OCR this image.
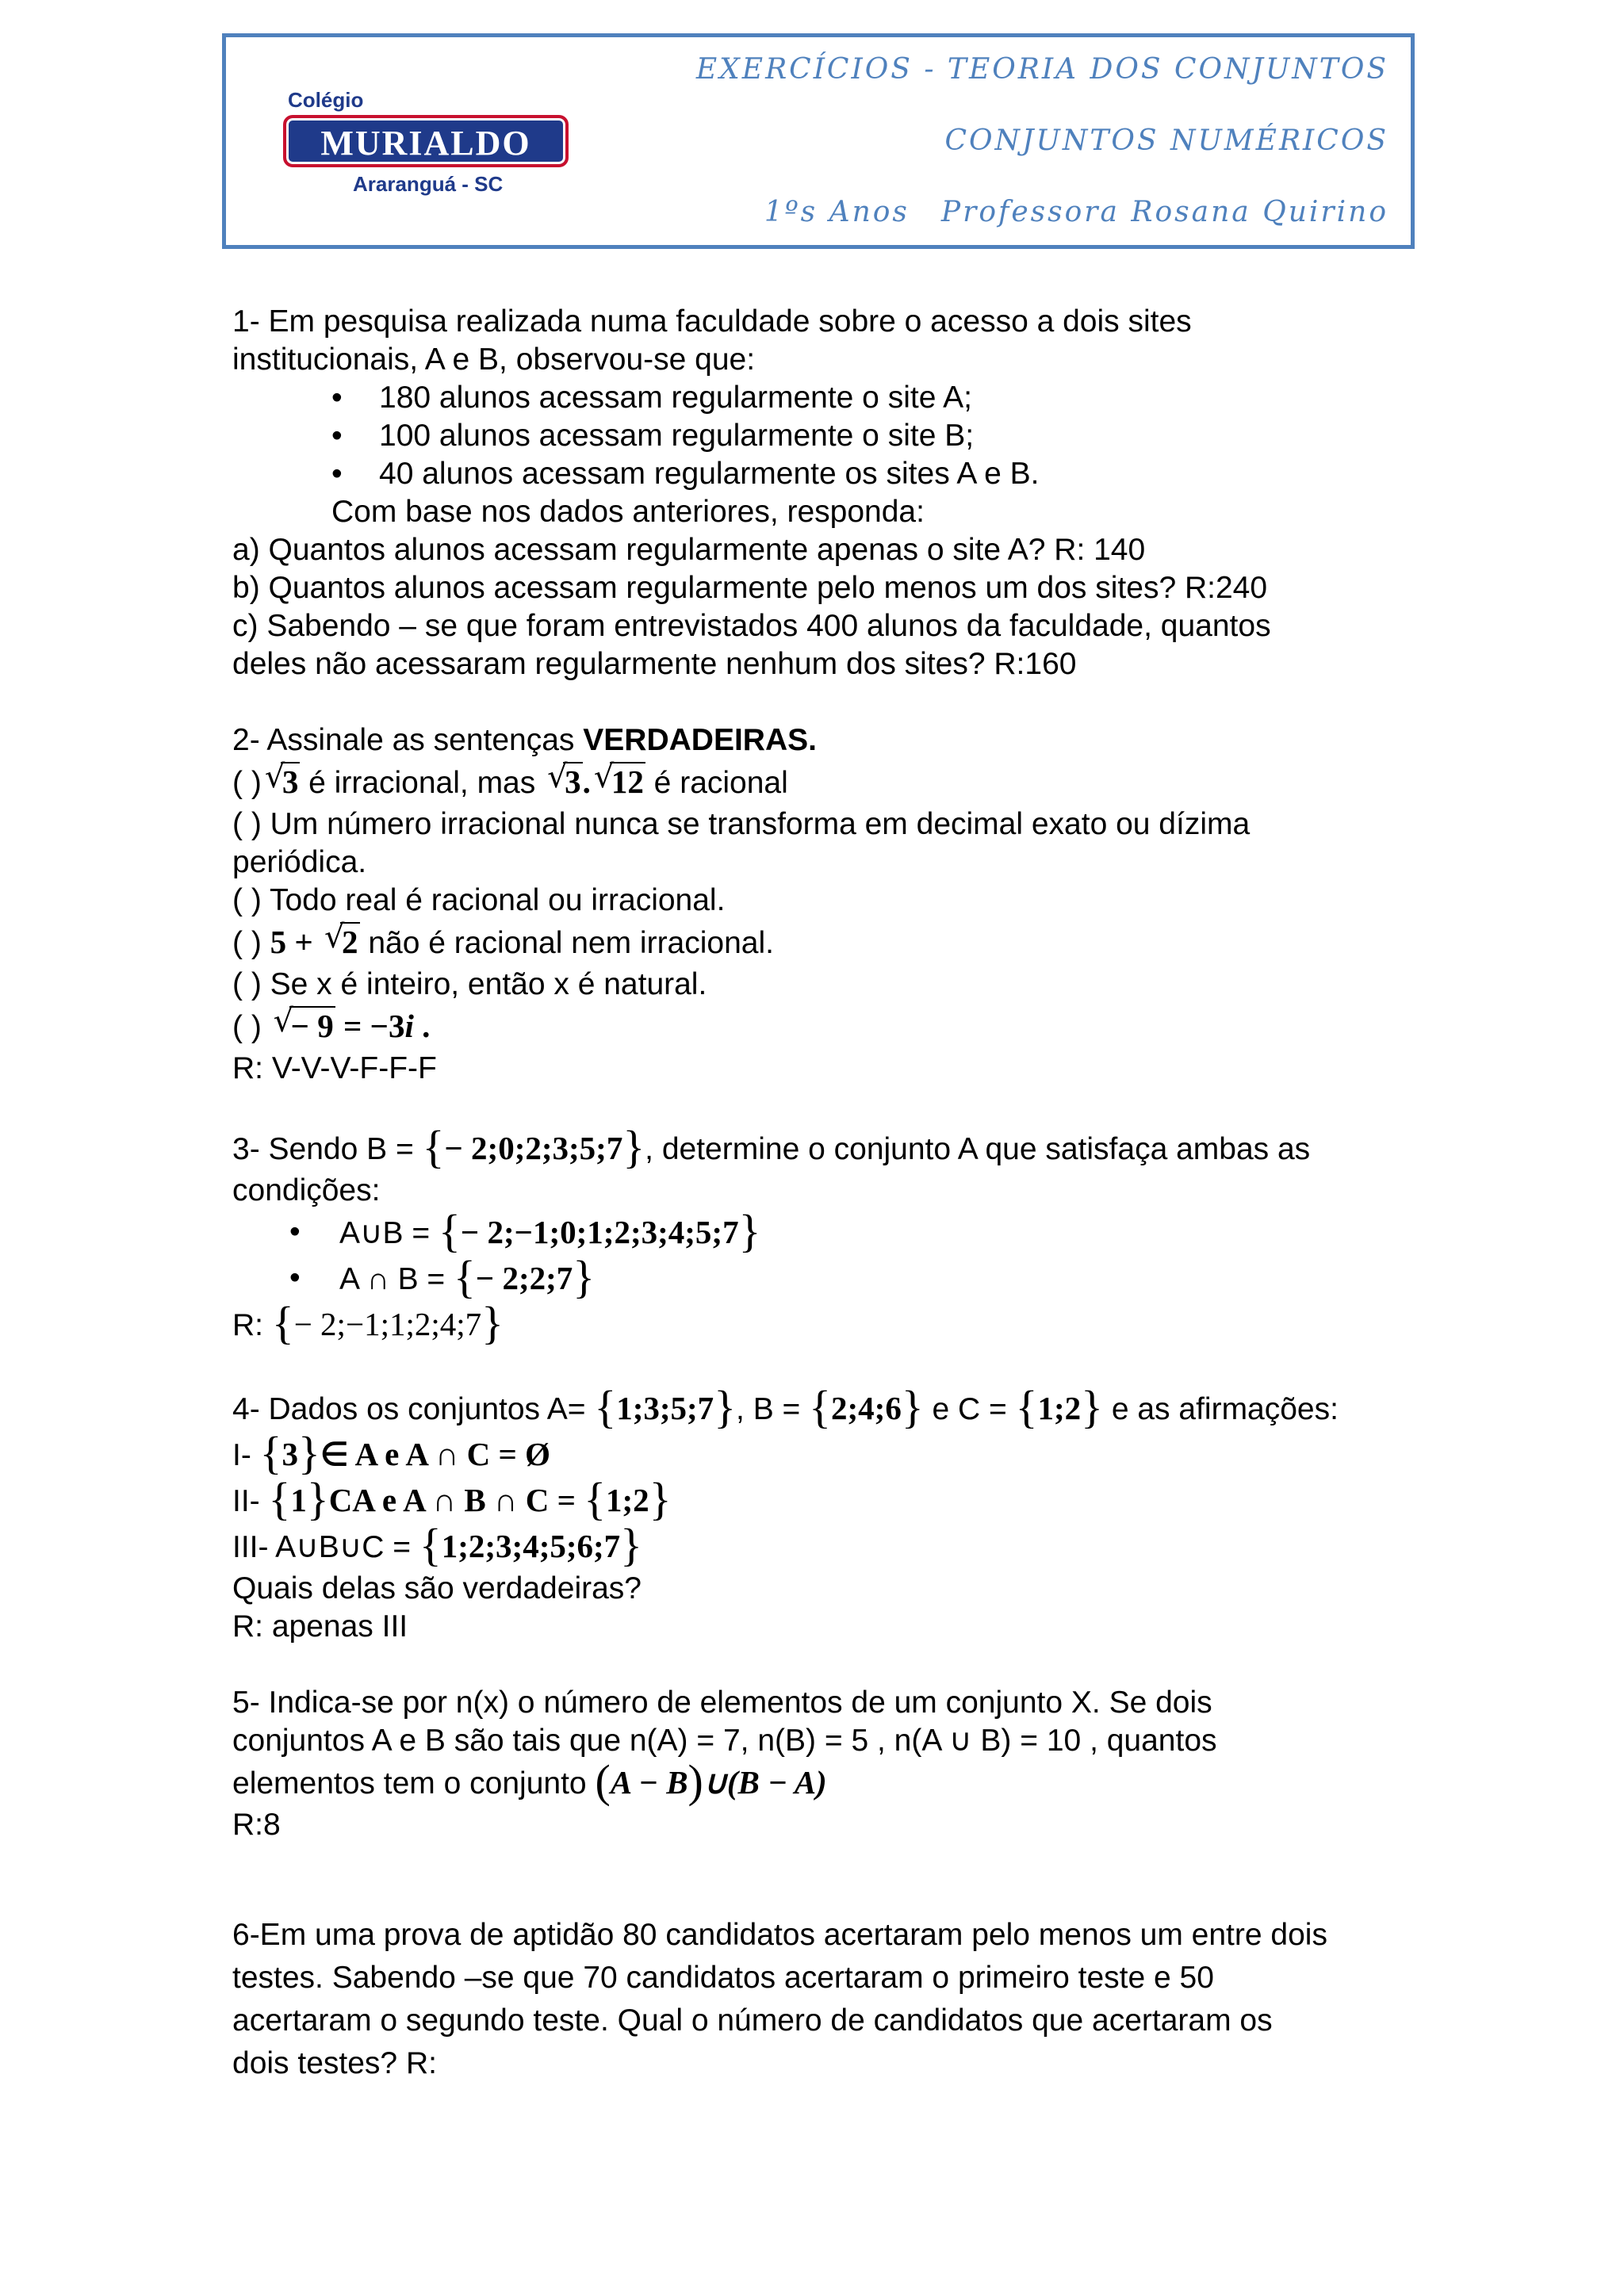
Colégio
MURIALDO
Araranguá - SC
EXERCÍCIOS - TEORIA DOS CONJUNTOS
CONJUNTOS NUMÉRICOS
1ºs Anos Professora Rosana Quirino

1- Em pesquisa realizada numa faculdade sobre o acesso a dois sites

institucionais, A e B, observou-se que:

• 180 alunos acessam regularmente o site A;

• 100 alunos acessam regularmente o site B;

• 40 alunos acessam regularmente os sites A e B.

Com base nos dados anteriores, responda:

a) Quantos alunos acessam regularmente apenas o site A? R: 140

b) Quantos alunos acessam regularmente pelo menos um dos sites? R:240

c) Sabendo – se que foram entrevistados 400 alunos da faculdade, quantos

deles não acessaram regularmente nenhum dos sites? R:160

2- Assinale as sentenças VERDADEIRAS.

( ) √
3 é irracional, mas √
3. √
12 é racional

( ) Um número irracional nunca se transforma em decimal exato ou dízima

periódica.

( ) Todo real é racional ou irracional.

( ) 5 + √
2 não é racional nem irracional.

( ) Se x é inteiro, então x é natural.

( ) √
− 9 = −3i .

R: V-V-V-F-F-F

3- Sendo B = {− 2;0;2;3;5;7}, determine o conjunto A que satisfaça ambas as

condições:

• A∪B = {− 2;−1;0;1;2;3;4;5;7}

• A ∩ B = {− 2;2;7}

R: {− 2;−1;1;2;4;7}

4- Dados os conjuntos A= {1;3;5;7}, B = {2;4;6} e C = {1;2} e as afirmações:

I- {3}∈ A e A ∩ C = Ø

II- {1}CA e A ∩ B ∩ C = {1;2}

III- A∪B∪C = {1;2;3;4;5;6;7}

Quais delas são verdadeiras?

R: apenas III

5- Indica-se por n(x) o número de elementos de um conjunto X. Se dois

conjuntos A e B são tais que n(A) = 7, n(B) = 5 , n(A ∪ B) = 10 , quantos

elementos tem o conjunto (A − B)∪(B − A)

R:8

6-Em uma prova de aptidão 80 candidatos acertaram pelo menos um entre dois

testes. Sabendo –se que 70 candidatos acertaram o primeiro teste e 50

acertaram o segundo teste. Qual o número de candidatos que acertaram os

dois testes? R:
